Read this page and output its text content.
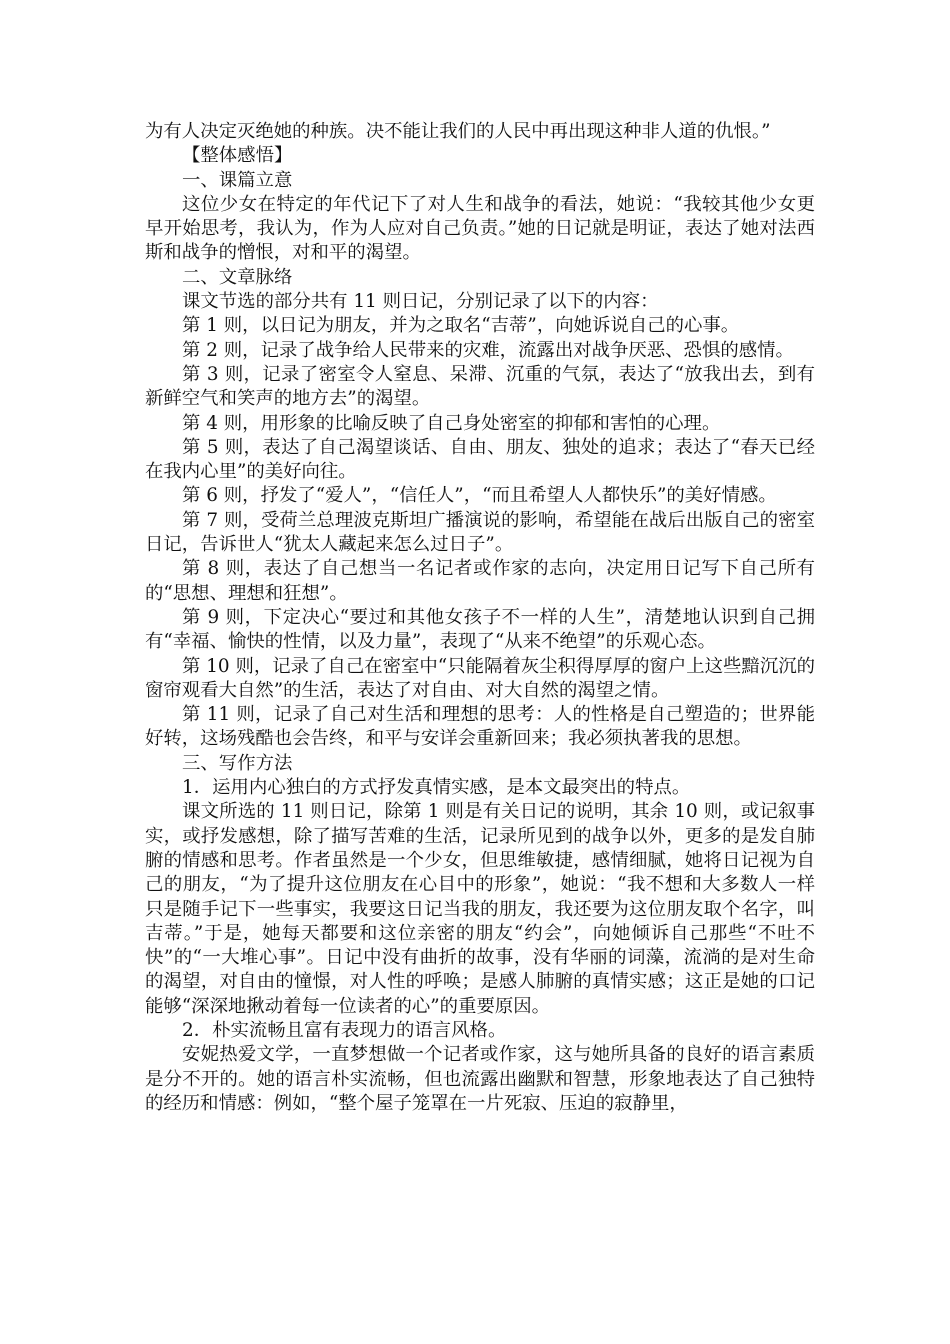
为有人决定灭绝她的种族。决不能让我们的人民中再出现这种非人道的仇恨。”

【整体感悟】

一、课篇立意

这位少女在特定的年代记下了对人生和战争的看法，她说：“我较其他少女更早开始思考，我认为，作为人应对自己负责。”她的日记就是明证，表达了她对法西斯和战争的憎恨，对和平的渴望。

二、文章脉络

课文节选的部分共有 11 则日记，分别记录了以下的内容：

第 1 则，以日记为朋友，并为之取名“吉蒂”，向她诉说自己的心事。

第 2 则，记录了战争给人民带来的灾难，流露出对战争厌恶、恐惧的感情。

第 3 则，记录了密室令人窒息、呆滞、沉重的气氛，表达了“放我出去，到有新鲜空气和笑声的地方去”的渴望。

第 4 则，用形象的比喻反映了自己身处密室的抑郁和害怕的心理。

第 5 则，表达了自己渴望谈话、自由、朋友、独处的追求；表达了“春天已经在我内心里”的美好向往。

第 6 则，抒发了“爱人”，“信任人”，“而且希望人人都快乐”的美好情感。

第 7 则，受荷兰总理波克斯坦广播演说的影响，希望能在战后出版自己的密室日记，告诉世人“犹太人藏起来怎么过日子”。

第 8 则，表达了自己想当一名记者或作家的志向，决定用日记写下自己所有的“思想、理想和狂想”。

第 9 则，下定决心“要过和其他女孩子不一样的人生”，清楚地认识到自己拥有“幸福、愉快的性情，以及力量”，表现了“从来不绝望”的乐观心态。

第 10 则，记录了自己在密室中“只能隔着灰尘积得厚厚的窗户上这些黯沉沉的窗帘观看大自然”的生活，表达了对自由、对大自然的渴望之情。

第 11 则，记录了自己对生活和理想的思考：人的性格是自己塑造的；世界能好转，这场残酷也会告终，和平与安详会重新回来；我必须执著我的思想。

三、写作方法

1．运用内心独白的方式抒发真情实感，是本文最突出的特点。

课文所选的 11 则日记，除第 1 则是有关日记的说明，其余 10 则，或记叙事实，或抒发感想，除了描写苦难的生活，记录所见到的战争以外，更多的是发自肺腑的情感和思考。作者虽然是一个少女，但思维敏捷，感情细腻，她将日记视为自己的朋友，“为了提升这位朋友在心目中的形象”，她说：“我不想和大多数人一样只是随手记下一些事实，我要这日记当我的朋友，我还要为这位朋友取个名字，叫吉蒂。”于是，她每天都要和这位亲密的朋友“约会”，向她倾诉自己那些“不吐不快”的“一大堆心事”。日记中没有曲折的故事，没有华丽的词藻，流淌的是对生命的渴望，对自由的憧憬，对人性的呼唤；是感人肺腑的真情实感；这正是她的口记能够“深深地揪动着每一位读者的心”的重要原因。

2．朴实流畅且富有表现力的语言风格。

安妮热爱文学，一直梦想做一个记者或作家，这与她所具备的良好的语言素质是分不开的。她的语言朴实流畅，但也流露出幽默和智慧，形象地表达了自己独特的经历和情感：例如，“整个屋子笼罩在一片死寂、压迫的寂静里，
